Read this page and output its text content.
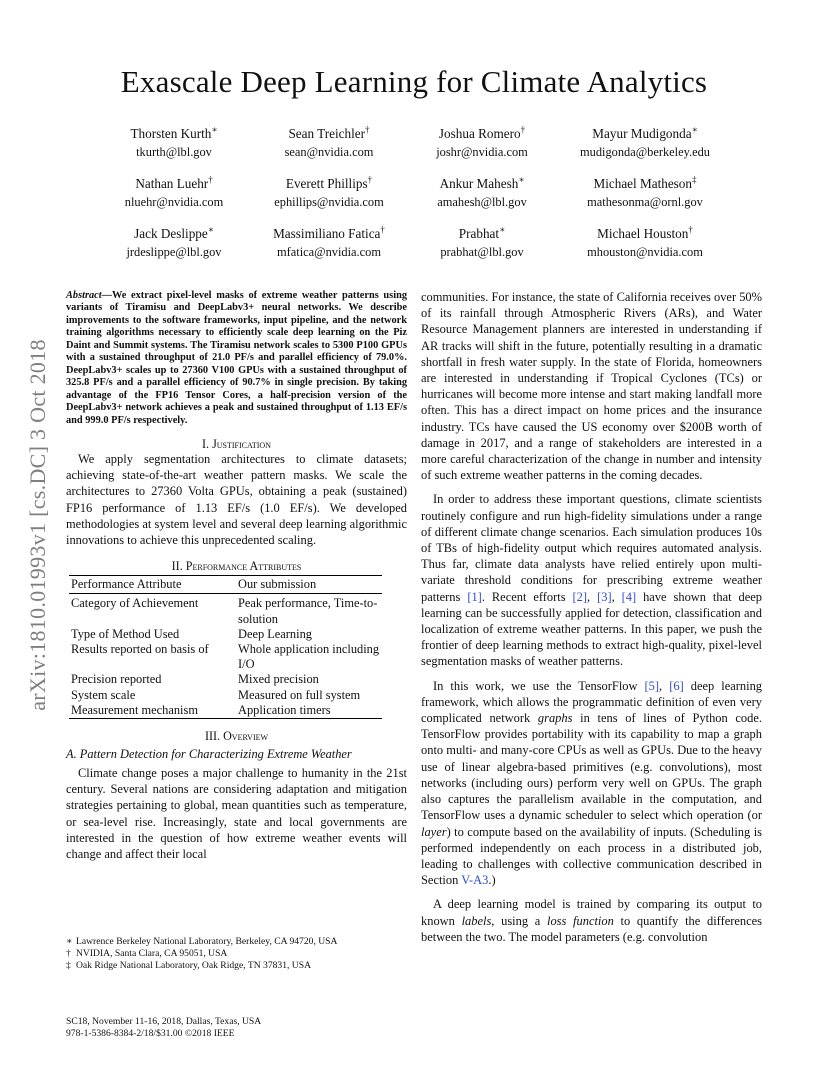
Exascale Deep Learning for Climate Analytics
Thorsten Kurth∗
tkurth@lbl.gov
Sean Treichler†
sean@nvidia.com
Joshua Romero†
joshr@nvidia.com
Mayur Mudigonda∗
mudigonda@berkeley.edu
Nathan Luehr†
nluehr@nvidia.com
Everett Phillips†
ephillips@nvidia.com
Ankur Mahesh∗
amahesh@lbl.gov
Michael Matheson‡
mathesonma@ornl.gov
Jack Deslippe∗
jrdeslippe@lbl.gov
Massimiliano Fatica†
mfatica@nvidia.com
Prabhat∗
prabhat@lbl.gov
Michael Houston†
mhouston@nvidia.com
arXiv:1810.01993v1 [cs.DC] 3 Oct 2018
Abstract—We extract pixel-level masks of extreme weather patterns using variants of Tiramisu and DeepLabv3+ neural networks. We describe improvements to the software frameworks, input pipeline, and the network training algorithms necessary to efficiently scale deep learning on the Piz Daint and Summit systems. The Tiramisu network scales to 5300 P100 GPUs with a sustained throughput of 21.0 PF/s and parallel efficiency of 79.0%. DeepLabv3+ scales up to 27360 V100 GPUs with a sustained throughput of 325.8 PF/s and a parallel efficiency of 90.7% in single precision. By taking advantage of the FP16 Tensor Cores, a half-precision version of the DeepLabv3+ network achieves a peak and sustained throughput of 1.13 EF/s and 999.0 PF/s respectively.
I. Justification

We apply segmentation architectures to climate datasets; achieving state-of-the-art weather pattern masks. We scale the architectures to 27360 Volta GPUs, obtaining a peak (sustained) FP16 performance of 1.13 EF/s (1.0 EF/s). We developed methodologies at system level and several deep learning algorithmic innovations to achieve this unprecedented scaling.

II. Performance Attributes
Performance Attribute	Our submission
Category of Achievement	Peak performance, Time-to-solution
Type of Method Used	Deep Learning
Results reported on basis of	Whole application including I/O
Precision reported	Mixed precision
System scale	Measured on full system
Measurement mechanism	Application timers
III. Overview
A. Pattern Detection for Characterizing Extreme Weather

Climate change poses a major challenge to humanity in the 21st century. Several nations are considering adaptation and mitigation strategies pertaining to global, mean quantities such as temperature, or sea-level rise. Increasingly, state and local governments are interested in the question of how extreme weather events will change and affect their local

∗ Lawrence Berkeley National Laboratory, Berkeley, CA 94720, USA
† NVIDIA, Santa Clara, CA 95051, USA
‡ Oak Ridge National Laboratory, Oak Ridge, TN 37831, USA
SC18, November 11-16, 2018, Dallas, Texas, USA
978-1-5386-8384-2/18/$31.00 ©2018 IEEE

communities. For instance, the state of California receives over 50% of its rainfall through Atmospheric Rivers (ARs), and Water Resource Management planners are interested in understanding if AR tracks will shift in the future, potentially resulting in a dramatic shortfall in fresh water supply. In the state of Florida, homeowners are interested in understanding if Tropical Cyclones (TCs) or hurricanes will become more intense and start making landfall more often. This has a direct impact on home prices and the insurance industry. TCs have caused the US economy over $200B worth of damage in 2017, and a range of stakeholders are interested in a more careful characterization of the change in number and intensity of such extreme weather patterns in the coming decades.

In order to address these important questions, climate scientists routinely configure and run high-fidelity simulations under a range of different climate change scenarios. Each simulation produces 10s of TBs of high-fidelity output which requires automated analysis. Thus far, climate data analysts have relied entirely upon multi-variate threshold conditions for prescribing extreme weather patterns [1]. Recent efforts [2], [3], [4] have shown that deep learning can be successfully applied for detection, classification and localization of extreme weather patterns. In this paper, we push the frontier of deep learning methods to extract high-quality, pixel-level segmentation masks of weather patterns.

In this work, we use the TensorFlow [5], [6] deep learning framework, which allows the programmatic definition of even very complicated network graphs in tens of lines of Python code. TensorFlow provides portability with its capability to map a graph onto multi- and many-core CPUs as well as GPUs. Due to the heavy use of linear algebra-based primitives (e.g. convolutions), most networks (including ours) perform very well on GPUs. The graph also captures the parallelism available in the computation, and TensorFlow uses a dynamic scheduler to select which operation (or layer) to compute based on the availability of inputs. (Scheduling is performed independently on each process in a distributed job, leading to challenges with collective communication described in Section V-A3.)

A deep learning model is trained by comparing its output to known labels, using a loss function to quantify the differences between the two. The model parameters (e.g. convolution
